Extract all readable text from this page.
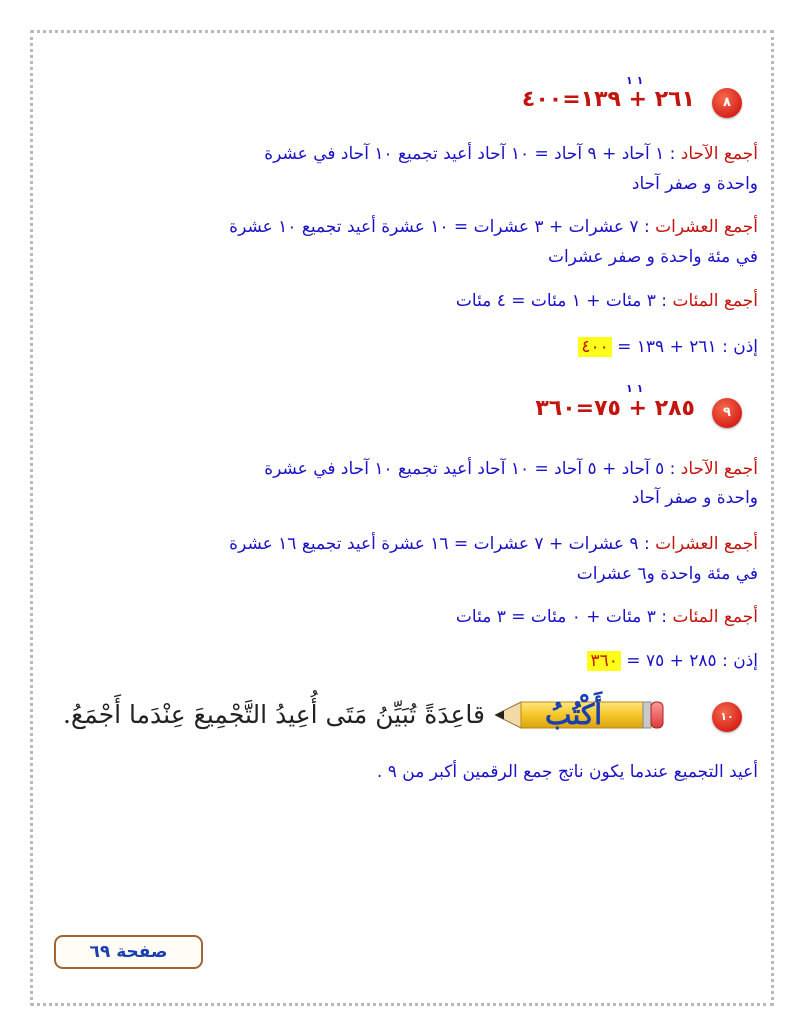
٨
١ ١
٢٦١ + ١٣٩=٤٠٠
أجمع الآحاد : ١ آحاد + ٩ آحاد = ١٠ آحاد أعيد تجميع ١٠ آحاد في عشرة
واحدة و صفر آحاد
أجمع العشرات : ٧ عشرات + ٣ عشرات = ١٠ عشرة أعيد تجميع ١٠ عشرة
في مئة واحدة و صفر عشرات
أجمع المئات : ٣ مئات + ١ مئات = ٤ مئات
إذن : ٢٦١ + ١٣٩ = ٤٠٠
٩
١ ١
٢٨٥ + ٧٥=٣٦٠
أجمع الآحاد : ٥ آحاد + ٥ آحاد = ١٠ آحاد أعيد تجميع ١٠ آحاد في عشرة
واحدة و صفر آحاد
أجمع العشرات : ٩ عشرات + ٧ عشرات = ١٦ عشرة أعيد تجميع ١٦ عشرة
في مئة واحدة و٦ عشرات
أجمع المئات : ٣ مئات + ٠ مئات = ٣ مئات
إذن : ٢٨٥ + ٧٥ = ٣٦٠
١٠
أَكْتُبُ
قاعِدَةً تُبَيِّنُ مَتَى أُعِيدُ التَّجْمِيعَ عِنْدَما أَجْمَعُ.
أعيد التجميع عندما يكون ناتج جمع الرقمين أكبر من ٩ .
صفحة ٦٩
